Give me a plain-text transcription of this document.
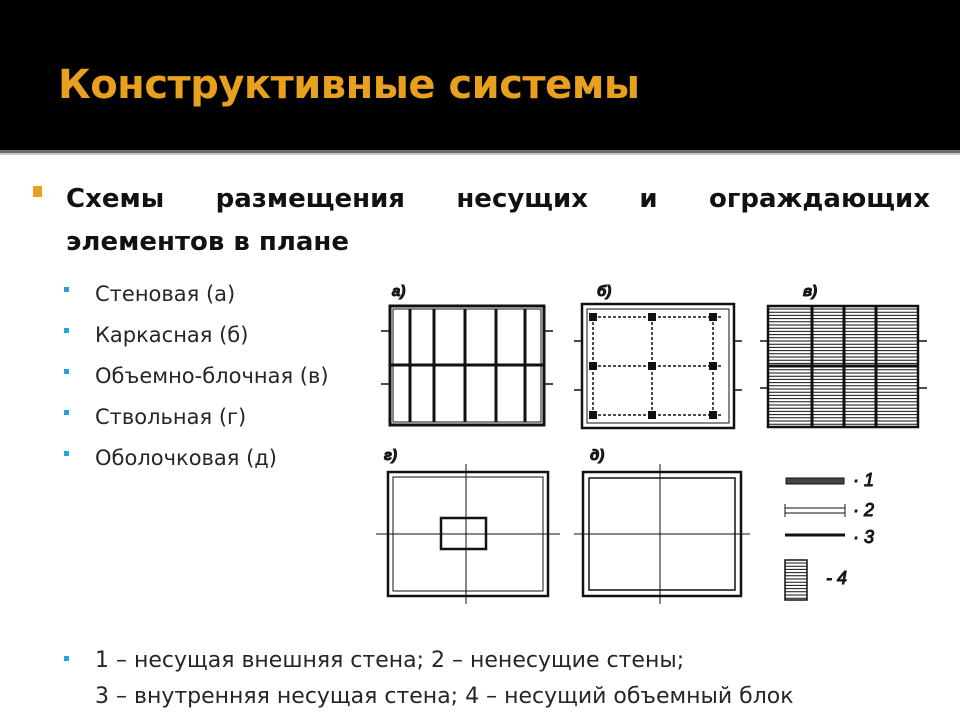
Конструктивные системы
Схемы размещения несущих и ограждающих
элементов в плане
Стеновая (а)
Каркасная (б)
Объемно-блочная (в)
Ствольная (г)
Оболочковая (д)
а)	б)	в)
г)	д)
· 1
· 2
· 3
- 4
1 – несущая внешняя стена; 2 – ненесущие стены;
3 – внутренняя несущая стена; 4 – несущий объемный блок
